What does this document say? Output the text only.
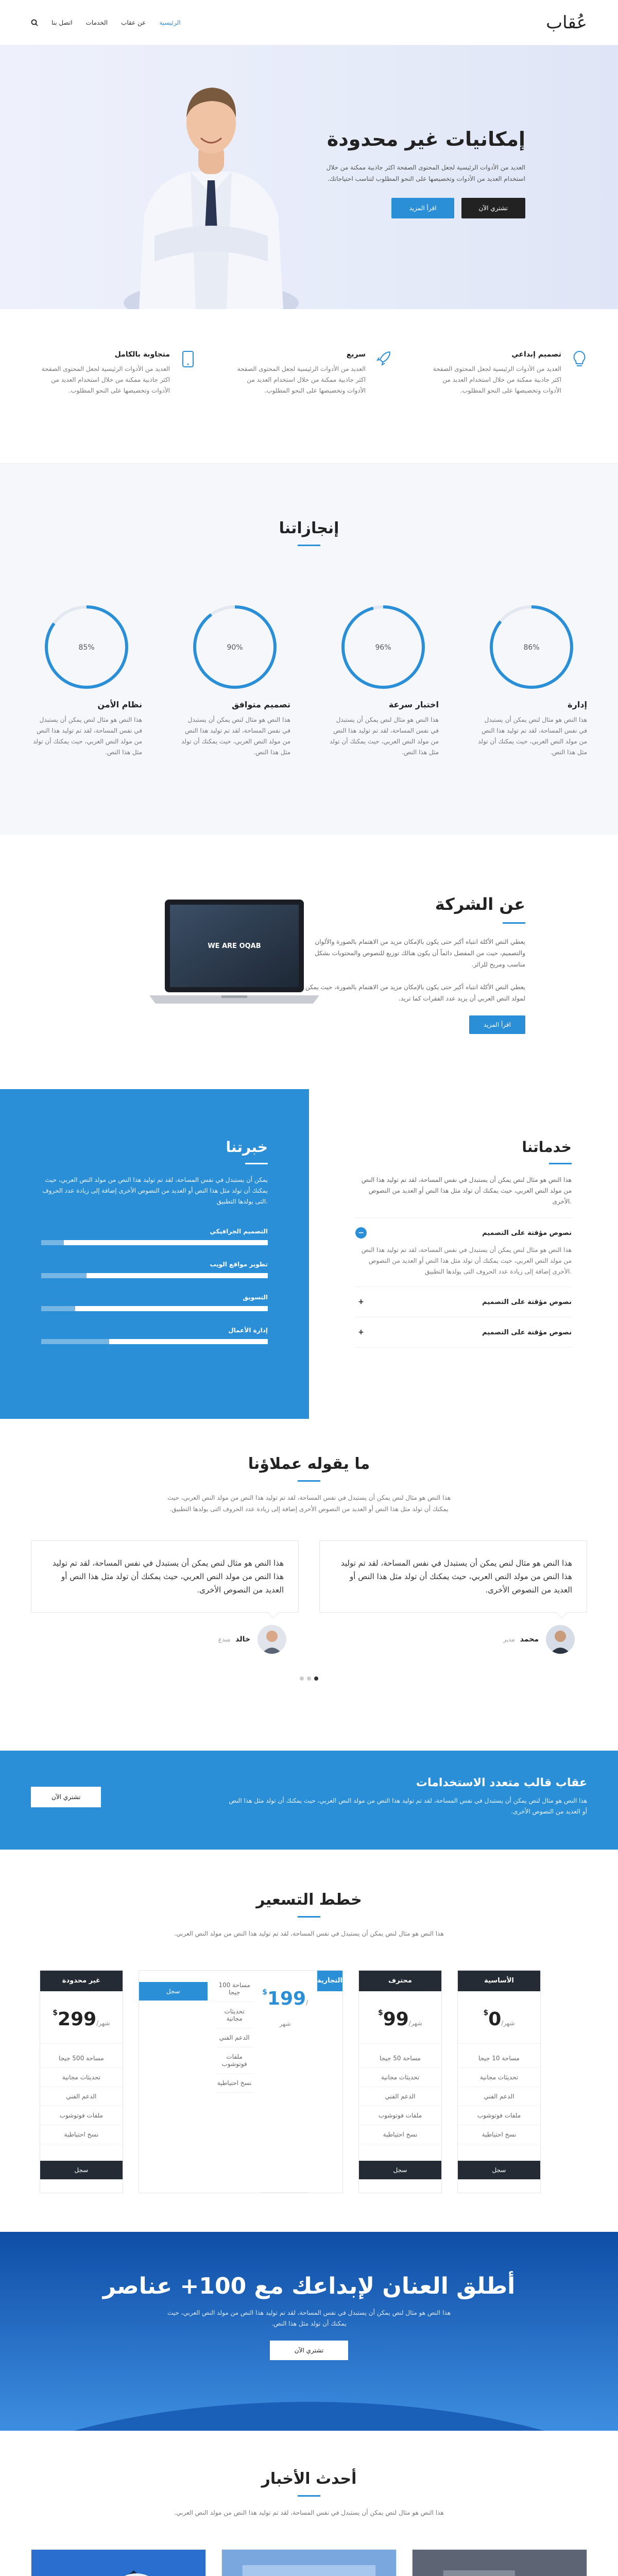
عُقاب
الرئيسية
عن عقاب
الخدمات
اتصل بنا
إمكانيات غير محدودة
العديد من الأدوات الرئيسية لجعل المحتوى الصفحة اكثر جاذبية ممكنة من خلال استخدام العديد من الأدوات وتخصيصها على النحو المطلوب لتناسب احتياجاتك.
تشتري الآن
اقرأ المزيد
تصميم إبداعي
العديد من الأدوات الرئيسية لجعل المحتوى الصفحة اكثر جاذبية ممكنة من خلال استخدام العديد من الأدوات وتخصيصها على النحو المطلوب.
سريع
العديد من الأدوات الرئيسية لجعل المحتوى الصفحة اكثر جاذبية ممكنة من خلال استخدام العديد من الأدوات وتخصيصها على النحو المطلوب.
متجاوبة بالكامل
العديد من الأدوات الرئيسية لجعل المحتوى الصفحة اكثر جاذبية ممكنة من خلال استخدام العديد من الأدوات وتخصيصها على النحو المطلوب.
إنجازاتنا
86%
إدارة
هذا النص هو مثال لنص يمكن أن يستبدل في نفس المساحة، لقد تم توليد هذا النص من مولد النص العربي، حيث يمكنك أن تولد مثل هذا النص.
96%
اختبار سرعة
هذا النص هو مثال لنص يمكن أن يستبدل في نفس المساحة، لقد تم توليد هذا النص من مولد النص العربي، حيث يمكنك أن تولد مثل هذا النص.
90%
تصميم متوافق
هذا النص هو مثال لنص يمكن أن يستبدل في نفس المساحة، لقد تم توليد هذا النص من مولد النص العربي، حيث يمكنك أن تولد مثل هذا النص.
85%
نظام الأمن
هذا النص هو مثال لنص يمكن أن يستبدل في نفس المساحة، لقد تم توليد هذا النص من مولد النص العربي، حيث يمكنك أن تولد مثل هذا النص.
عن الشركة
يعطي النص الأكلة انتباه أكبر حتى يكون بالإمكان مزيد من الاهتمام بالصورة والألوان والتصميم، حيث من المفضل دائماً أن يكون هنالك توزيع للنصوص والمحتويات بشكل مناسب ومريح للزائر.
يعطي النص الأكلة انتباه أكبر حتى يكون بالإمكان مزيد من الاهتمام بالصورة، حيث يمكن لمولد النص العربي أن يزيد عدد الفقرات كما تريد.
اقرأ المزيد
WE ARE OQAB
خبرتنا
يمكن أن يستبدل في نفس المساحة، لقد تم توليد هذا النص من مولد النص العربي، حيث يمكنك أن تولد مثل هذا النص أو العديد من النصوص الأخرى إضافة إلى زيادة عدد الحروف التى يولدها التطبيق.
التصميم الجرافيكي
تطوير مواقع الويب
التسويق
إدارة الأعمال
خدماتنا
هذا النص هو مثال لنص يمكن أن يستبدل في نفس المساحة، لقد تم توليد هذا النص من مولد النص العربي، حيث يمكنك أن تولد مثل هذا النص أو العديد من النصوص الأخرى.
نصوص مؤقتة على التصميم
−
هذا النص هو مثال لنص يمكن أن يستبدل في نفس المساحة، لقد تم توليد هذا النص من مولد النص العربي، حيث يمكنك أن تولد مثل هذا النص أو العديد من النصوص الأخرى إضافة إلى زيادة عدد الحروف التى يولدها التطبيق.
نصوص مؤقتة على التصميم
+
نصوص مؤقتة على التصميم
+
ما يقوله عملاؤنا
هذا النص هو مثال لنص يمكن أن يستبدل في نفس المساحة، لقد تم توليد هذا النص من مولد النص العربي، حيث يمكنك أن تولد مثل هذا النص أو العديد من النصوص الأخرى إضافة إلى زيادة عدد الحروف التى يولدها التطبيق.
هذا النص هو مثال لنص يمكن أن يستبدل في نفس المساحة، لقد تم توليد هذا النص من مولد النص العربي، حيث يمكنك أن تولد مثل هذا النص أو العديد من النصوص الأخرى.
محمدمدير
هذا النص هو مثال لنص يمكن أن يستبدل في نفس المساحة، لقد تم توليد هذا النص من مولد النص العربي، حيث يمكنك أن تولد مثل هذا النص أو العديد من النصوص الأخرى.
خالدمبدع
عقاب قالب متعدد الاستخدامات
هذا النص هو مثال لنص يمكن أن يستبدل في نفس المساحة، لقد تم توليد هذا النص من مولد النص العربي، حيث يمكنك أن تولد مثل هذا النص أو العديد من النصوص الأخرى.
تشتري الآن
خطط التسعير
هذا النص هو مثال لنص يمكن أن يستبدل في نفس المساحة، لقد تم توليد هذا النص من مولد النص العربي.
الأساسية
$0/شهر
مساحة 10 جيجا
تحديثات مجانية
الدعم الفني
ملفات فوتوشوب
نسخ احتياطية
سجل
محترف
$99/شهر
مساحة 50 جيجا
تحديثات مجانية
الدعم الفني
ملفات فوتوشوب
نسخ احتياطية
سجل
التجارية
$199/شهر
مساحة 100 جيجا
تحديثات مجانية
الدعم الفني
ملفات فوتوشوب
نسخ احتياطية
سجل
غير محدودة
$299/شهر
مساحة 500 جيجا
تحديثات مجانية
الدعم الفني
ملفات فوتوشوب
نسخ احتياطية
سجل
أطلق العنان لإبداعك مع 100+ عناصر
هذا النص هو مثال لنص يمكن أن يستبدل في نفس المساحة، لقد تم توليد هذا النص من مولد النص العربي، حيث يمكنك أن تولد مثل هذا النص.
تشتري الآن
أحدث الأخبار
هذا النص هو مثال لنص يمكن أن يستبدل في نفس المساحة، لقد تم توليد هذا النص من مولد النص العربي.
